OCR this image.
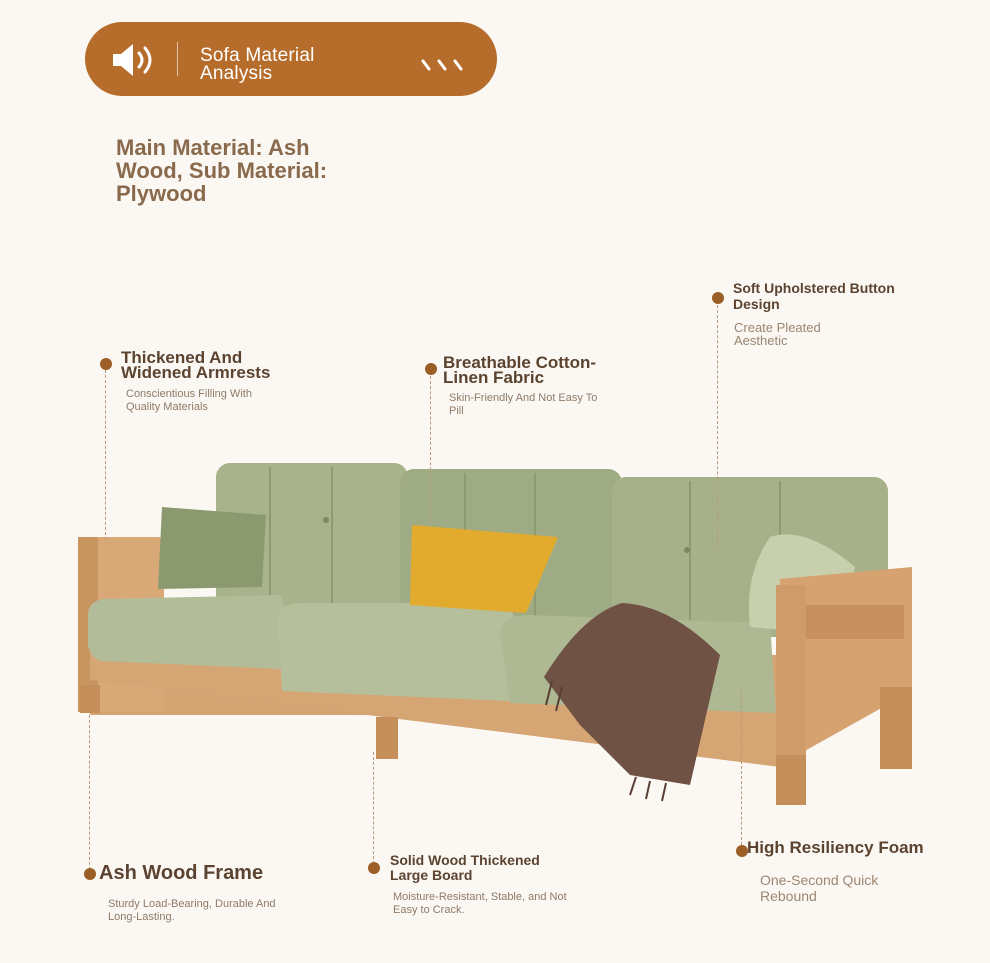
Sofa Material Analysis
Main Material: Ash Wood, Sub Material: Plywood
Thickened And Widened Armrests
Conscientious Filling With Quality Materials
Breathable Cotton-Linen Fabric
Skin-Friendly And Not Easy To Pill
Soft Upholstered Button Design
Create Pleated Aesthetic
Ash Wood Frame
Sturdy Load-Bearing, Durable And Long-Lasting.
Solid Wood Thickened Large Board
Moisture-Resistant, Stable, and Not Easy to Crack.
High Resiliency Foam
One-Second Quick Rebound
